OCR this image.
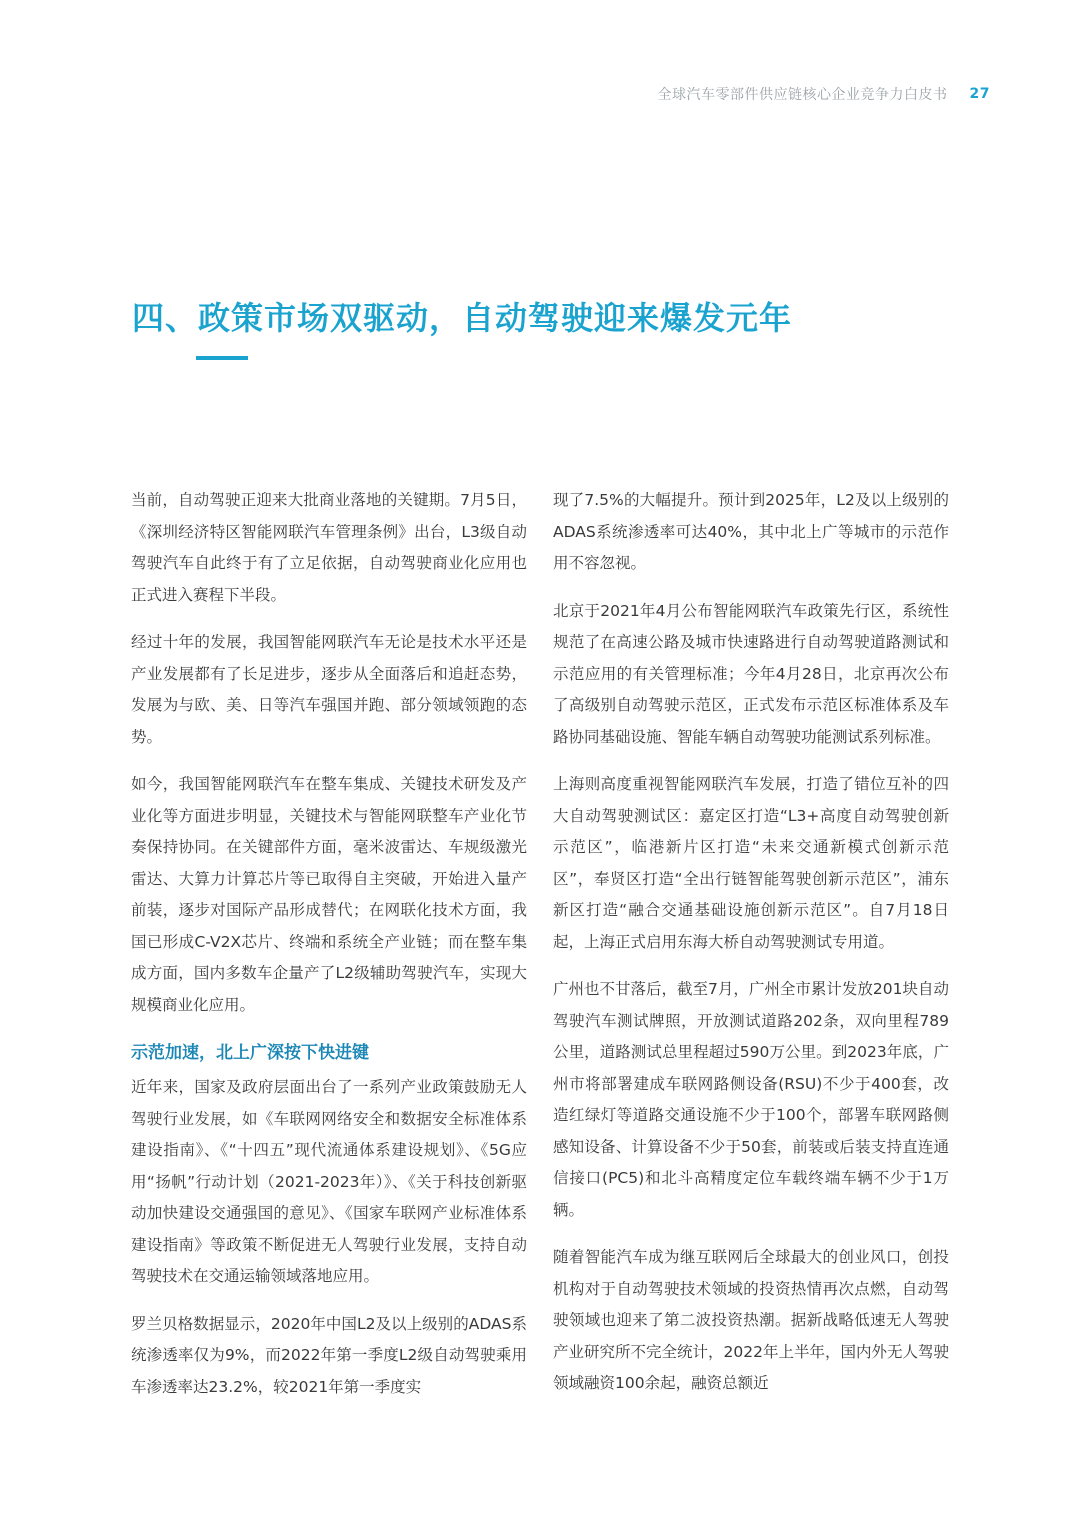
全球汽车零部件供应链核心企业竞争力白皮书 27
四、政策市场双驱动，自动驾驶迎来爆发元年

当前，自动驾驶正迎来大批商业落地的关键期。7月5日，《深圳经济特区智能网联汽车管理条例》出台，L3级自动驾驶汽车自此终于有了立足依据，自动驾驶商业化应用也正式进入赛程下半段。

经过十年的发展，我国智能网联汽车无论是技术水平还是产业发展都有了长足进步，逐步从全面落后和追赶态势，发展为与欧、美、日等汽车强国并跑、部分领域领跑的态势。

如今，我国智能网联汽车在整车集成、关键技术研发及产业化等方面进步明显，关键技术与智能网联整车产业化节奏保持协同。在关键部件方面，毫米波雷达、车规级激光雷达、大算力计算芯片等已取得自主突破，开始进入量产前装，逐步对国际产品形成替代；在网联化技术方面，我国已形成C-V2X芯片、终端和系统全产业链；而在整车集成方面，国内多数车企量产了L2级辅助驾驶汽车，实现大规模商业化应用。

示范加速，北上广深按下快进键

近年来，国家及政府层面出台了一系列产业政策鼓励无人驾驶行业发展，如《车联网网络安全和数据安全标准体系建设指南》、《“十四五”现代流通体系建设规划》、《5G应用“扬帆”行动计划（2021-2023年）》、《关于科技创新驱动加快建设交通强国的意见》、《国家车联网产业标准体系建设指南》等政策不断促进无人驾驶行业发展，支持自动驾驶技术在交通运输领域落地应用。

罗兰贝格数据显示，2020年中国L2及以上级别的ADAS系统渗透率仅为9%，而2022年第一季度L2级自动驾驶乘用车渗透率达23.2%，较2021年第一季度实

现了7.5%的大幅提升。预计到2025年，L2及以上级别的ADAS系统渗透率可达40%，其中北上广等城市的示范作用不容忽视。

北京于2021年4月公布智能网联汽车政策先行区，系统性规范了在高速公路及城市快速路进行自动驾驶道路测试和示范应用的有关管理标准；今年4月28日，北京再次公布了高级别自动驾驶示范区，正式发布示范区标准体系及车路协同基础设施、智能车辆自动驾驶功能测试系列标准。

上海则高度重视智能网联汽车发展，打造了错位互补的四大自动驾驶测试区：嘉定区打造“L3+高度自动驾驶创新示范区”，临港新片区打造“未来交通新模式创新示范区”，奉贤区打造“全出行链智能驾驶创新示范区”，浦东新区打造“融合交通基础设施创新示范区”。自7月18日起，上海正式启用东海大桥自动驾驶测试专用道。

广州也不甘落后，截至7月，广州全市累计发放201块自动驾驶汽车测试牌照，开放测试道路202条，双向里程789公里，道路测试总里程超过590万公里。到2023年底，广州市将部署建成车联网路侧设备(RSU)不少于400套，改造红绿灯等道路交通设施不少于100个，部署车联网路侧感知设备、计算设备不少于50套，前装或后装支持直连通信接口(PC5)和北斗高精度定位车载终端车辆不少于1万辆。

随着智能汽车成为继互联网后全球最大的创业风口，创投机构对于自动驾驶技术领域的投资热情再次点燃，自动驾驶领域也迎来了第二波投资热潮。据新战略低速无人驾驶产业研究所不完全统计，2022年上半年，国内外无人驾驶领域融资100余起，融资总额近
